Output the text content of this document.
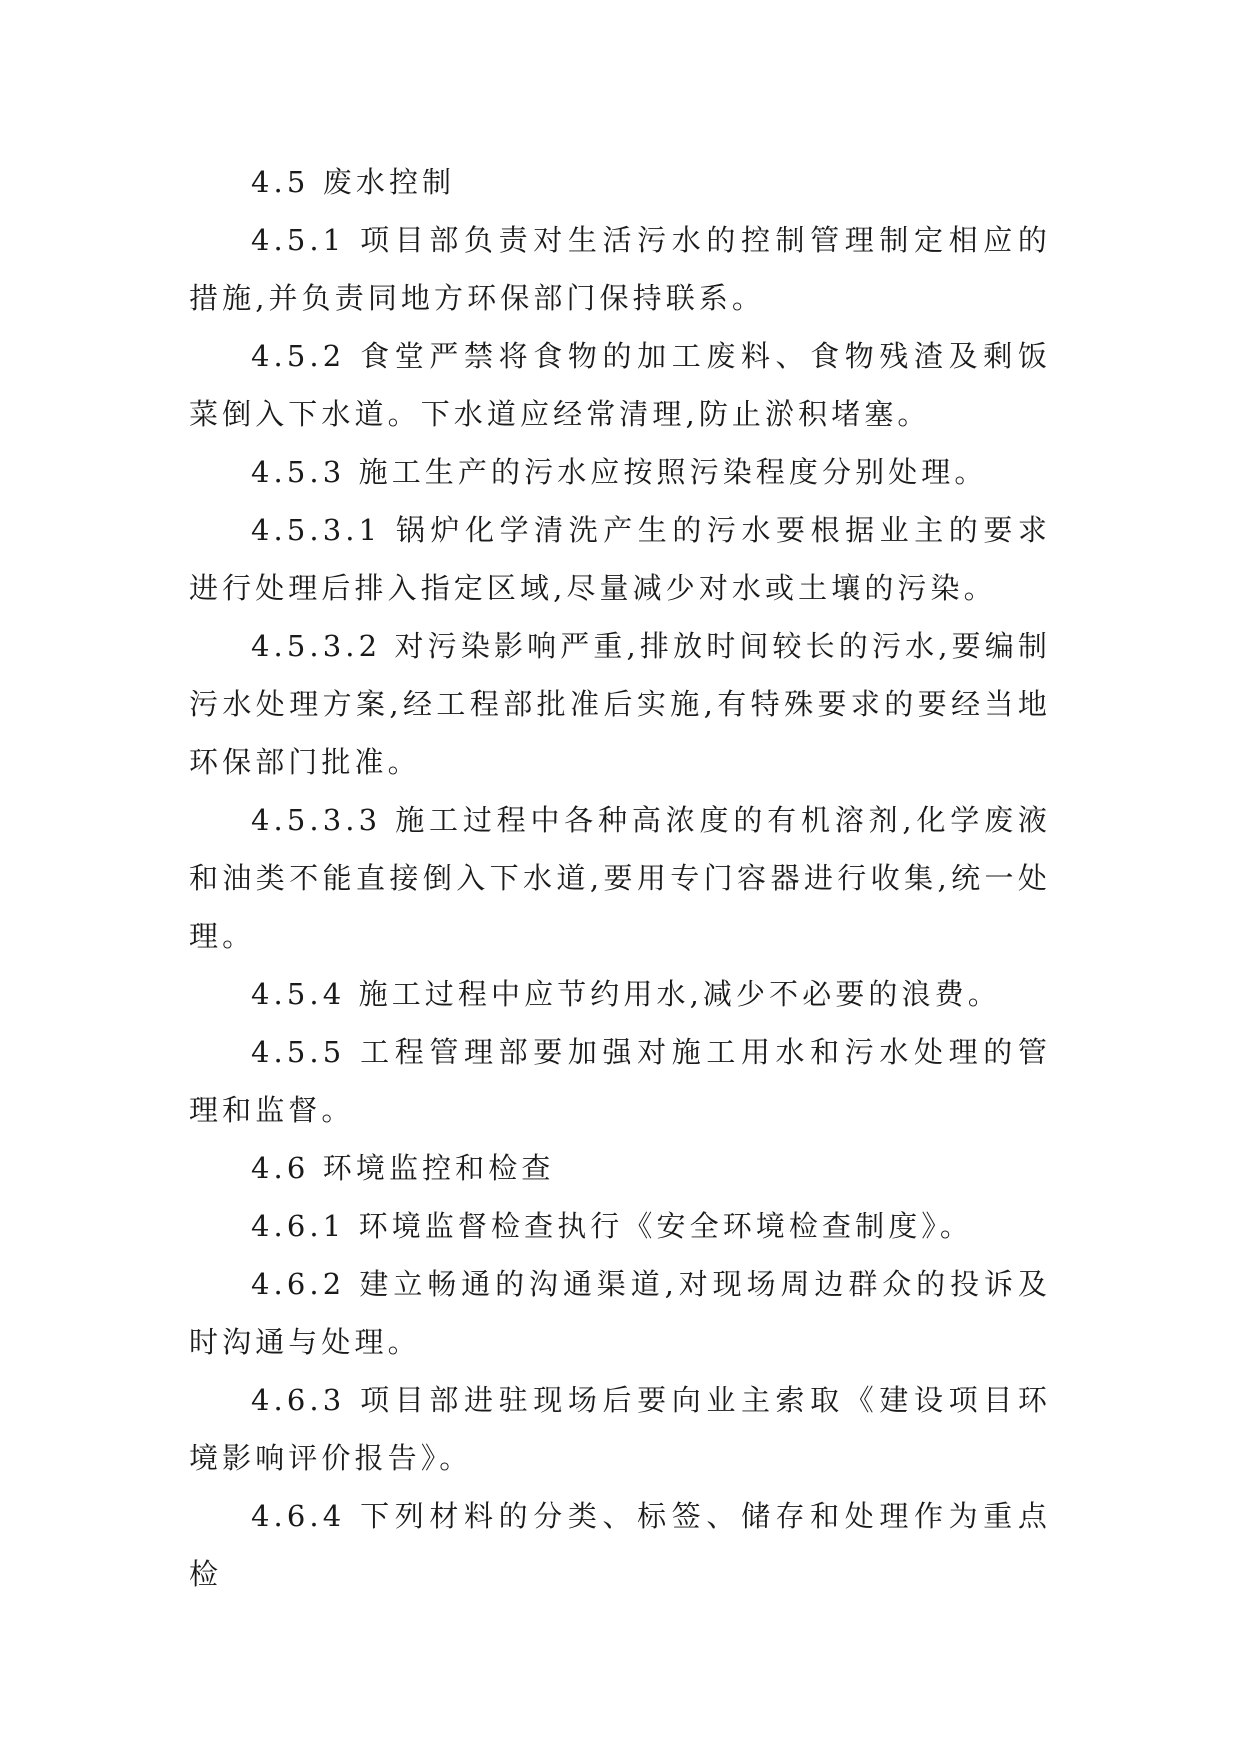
4.5 废水控制

4.5.1 项目部负责对生活污水的控制管理制定相应的措施,并负责同地方环保部门保持联系。

4.5.2 食堂严禁将食物的加工废料、食物残渣及剩饭菜倒入下水道。下水道应经常清理,防止淤积堵塞。

4.5.3 施工生产的污水应按照污染程度分别处理。

4.5.3.1 锅炉化学清洗产生的污水要根据业主的要求进行处理后排入指定区域,尽量减少对水或土壤的污染。

4.5.3.2 对污染影响严重,排放时间较长的污水,要编制污水处理方案,经工程部批准后实施,有特殊要求的要经当地环保部门批准。

4.5.3.3 施工过程中各种高浓度的有机溶剂,化学废液和油类不能直接倒入下水道,要用专门容器进行收集,统一处理。

4.5.4 施工过程中应节约用水,减少不必要的浪费。

4.5.5 工程管理部要加强对施工用水和污水处理的管理和监督。

4.6 环境监控和检查

4.6.1 环境监督检查执行《安全环境检查制度》。

4.6.2 建立畅通的沟通渠道,对现场周边群众的投诉及时沟通与处理。

4.6.3 项目部进驻现场后要向业主索取《建设项目环境影响评价报告》。

4.6.4 下列材料的分类、标签、储存和处理作为重点检
